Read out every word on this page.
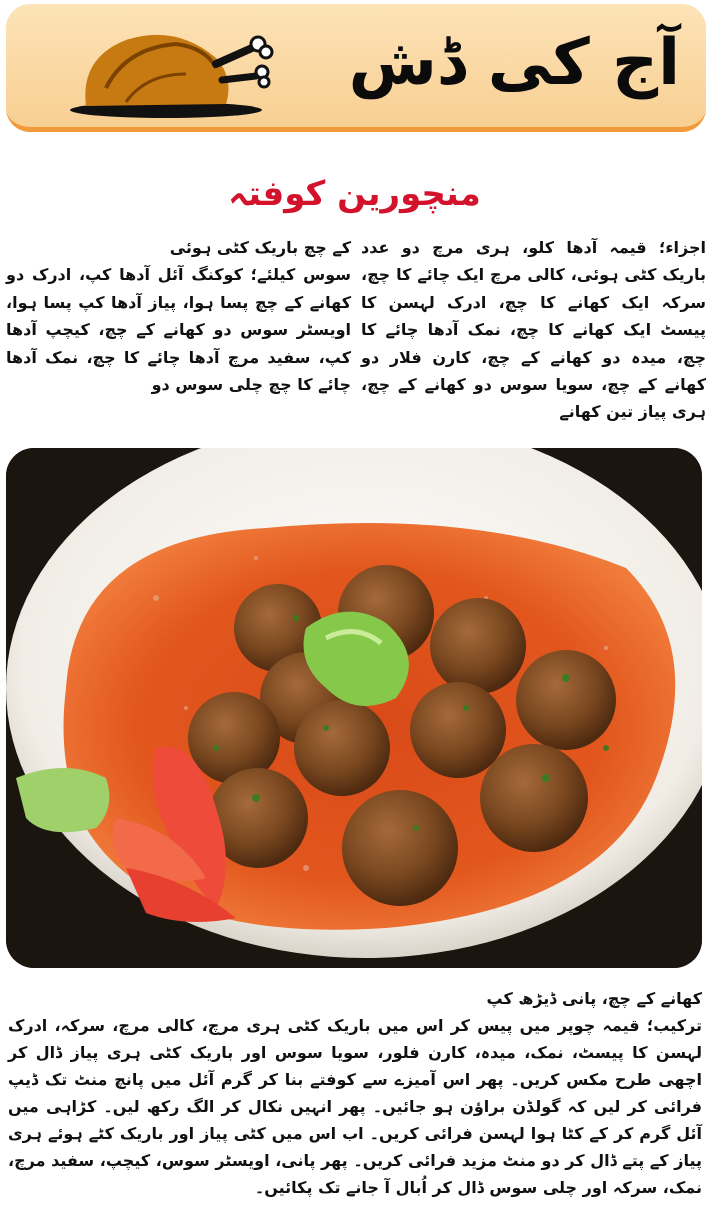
آج کی ڈش
منچورین کوفتہ

اجزاء؛ قیمہ آدھا کلو، ہری مرچ دو عدد باریک کٹی ہوئی، کالی مرچ ایک چائے کا چچ، سرکہ ایک کھانے کا چچ، ادرک لہسن کا پیسٹ ایک کھانے کا چچ، نمک آدھا چائے کا چچ، میدہ دو کھانے کے چچ، کارن فلار دو کھانے کے چچ، سویا سوس دو کھانے کے چچ، ہری پیاز تین کھانے

کے چچ باریک کٹی ہوئی

سوس کیلئے؛ کوکنگ آئل آدھا کپ، ادرک دو کھانے کے چچ پسا ہوا، پیاز آدھا کپ پسا ہوا، اویسٹر سوس دو کھانے کے چچ، کیچپ آدھا کپ، سفید مرچ آدھا چائے کا چچ، نمک آدھا چائے کا چچ چلی سوس دو

کھانے کے چچ، پانی ڈیڑھ کپ

ترکیب؛ قیمہ چوپر میں پیس کر اس میں باریک کٹی ہری مرچ، کالی مرچ، سرکہ، ادرک لہسن کا پیسٹ، نمک، میدہ، کارن فلور، سویا سوس اور باریک کٹی ہری پیاز ڈال کر اچھی طرح مکس کریں۔ پھر اس آمیزے سے کوفتے بنا کر گرم آئل میں پانچ منٹ تک ڈیپ فرائی کر لیں کہ گولڈن براؤن ہو جائیں۔ پھر انہیں نکال کر الگ رکھ لیں۔ کڑاہی میں آئل گرم کر کے کٹا ہوا لہسن فرائی کریں۔ اب اس میں کٹی پیاز اور باریک کٹے ہوئے ہری پیاز کے پتے ڈال کر دو منٹ مزید فرائی کریں۔ پھر پانی، اویسٹر سوس، کیچپ، سفید مرچ، نمک، سرکہ اور چلی سوس ڈال کر اُبال آ جانے تک پکائیں۔
